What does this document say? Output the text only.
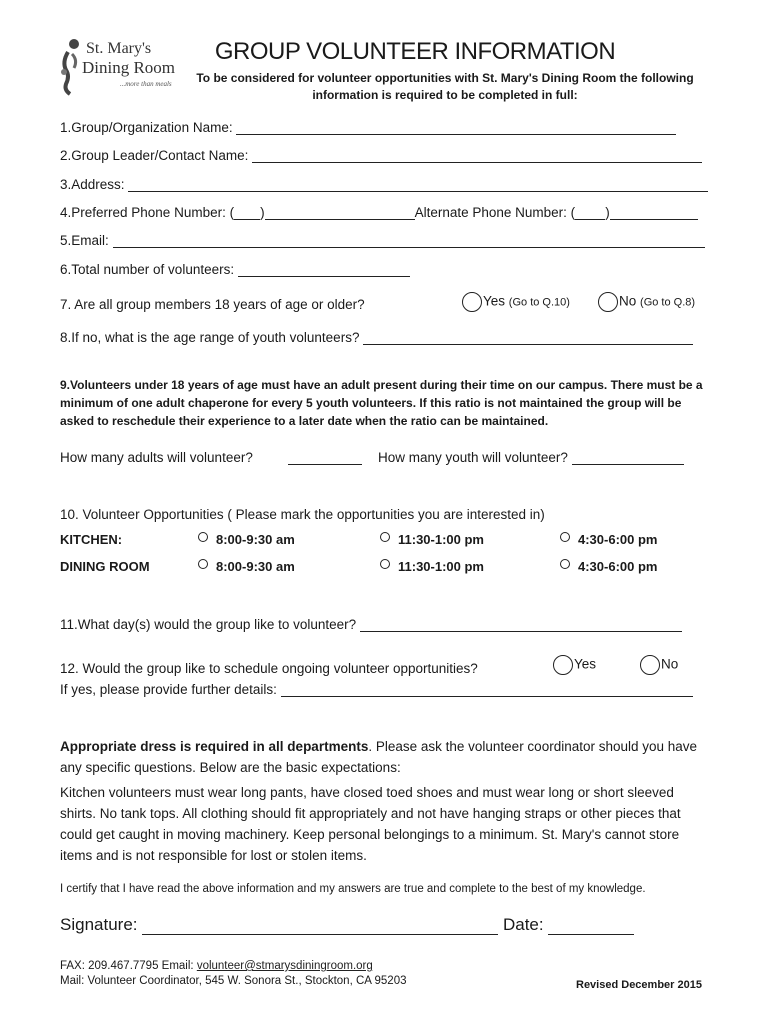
St. Mary's
Dining Room
...more than meals
GROUP VOLUNTEER INFORMATION
To be considered for volunteer opportunities with St. Mary's Dining Room the following information is required to be completed in full:
1.Group/Organization Name:
2.Group Leader/Contact Name:
3.Address:
4.Preferred Phone Number: ( )	Alternate Phone Number: ( )
5.Email:
6.Total number of volunteers:
7. Are all group members 18 years of age or older?	Yes (Go to Q.10)	No (Go to Q.8)
8.If no, what is the age range of youth volunteers?
9.Volunteers under 18 years of age must have an adult present during their time on our campus. There must be a minimum of one adult chaperone for every 5 youth volunteers. If this ratio is not maintained the group will be asked to reschedule their experience to a later date when the ratio can be maintained.
How many adults will volunteer?	How many youth will volunteer?
10. Volunteer Opportunities ( Please mark the opportunities you are interested in)
KITCHEN:	8:00-9:30 am	11:30-1:00 pm	4:30-6:00 pm
DINING ROOM	8:00-9:30 am	11:30-1:00 pm	4:30-6:00 pm
11.What day(s) would the group like to volunteer?
12. Would the group like to schedule ongoing volunteer opportunities?	Yes	No
If yes, please provide further details:
Appropriate dress is required in all departments. Please ask the volunteer coordinator should you have any specific questions. Below are the basic expectations:
Kitchen volunteers must wear long pants, have closed toed shoes and must wear long or short sleeved shirts. No tank tops. All clothing should fit appropriately and not have hanging straps or other pieces that could get caught in moving machinery. Keep personal belongings to a minimum. St. Mary's cannot store items and is not responsible for lost or stolen items.
I certify that I have read the above information and my answers are true and complete to the best of my knowledge.
Signature:	Date:
FAX: 209.467.7795 Email: volunteer@stmarysdiningroom.org
Mail: Volunteer Coordinator, 545 W. Sonora St., Stockton, CA 95203	Revised December 2015
